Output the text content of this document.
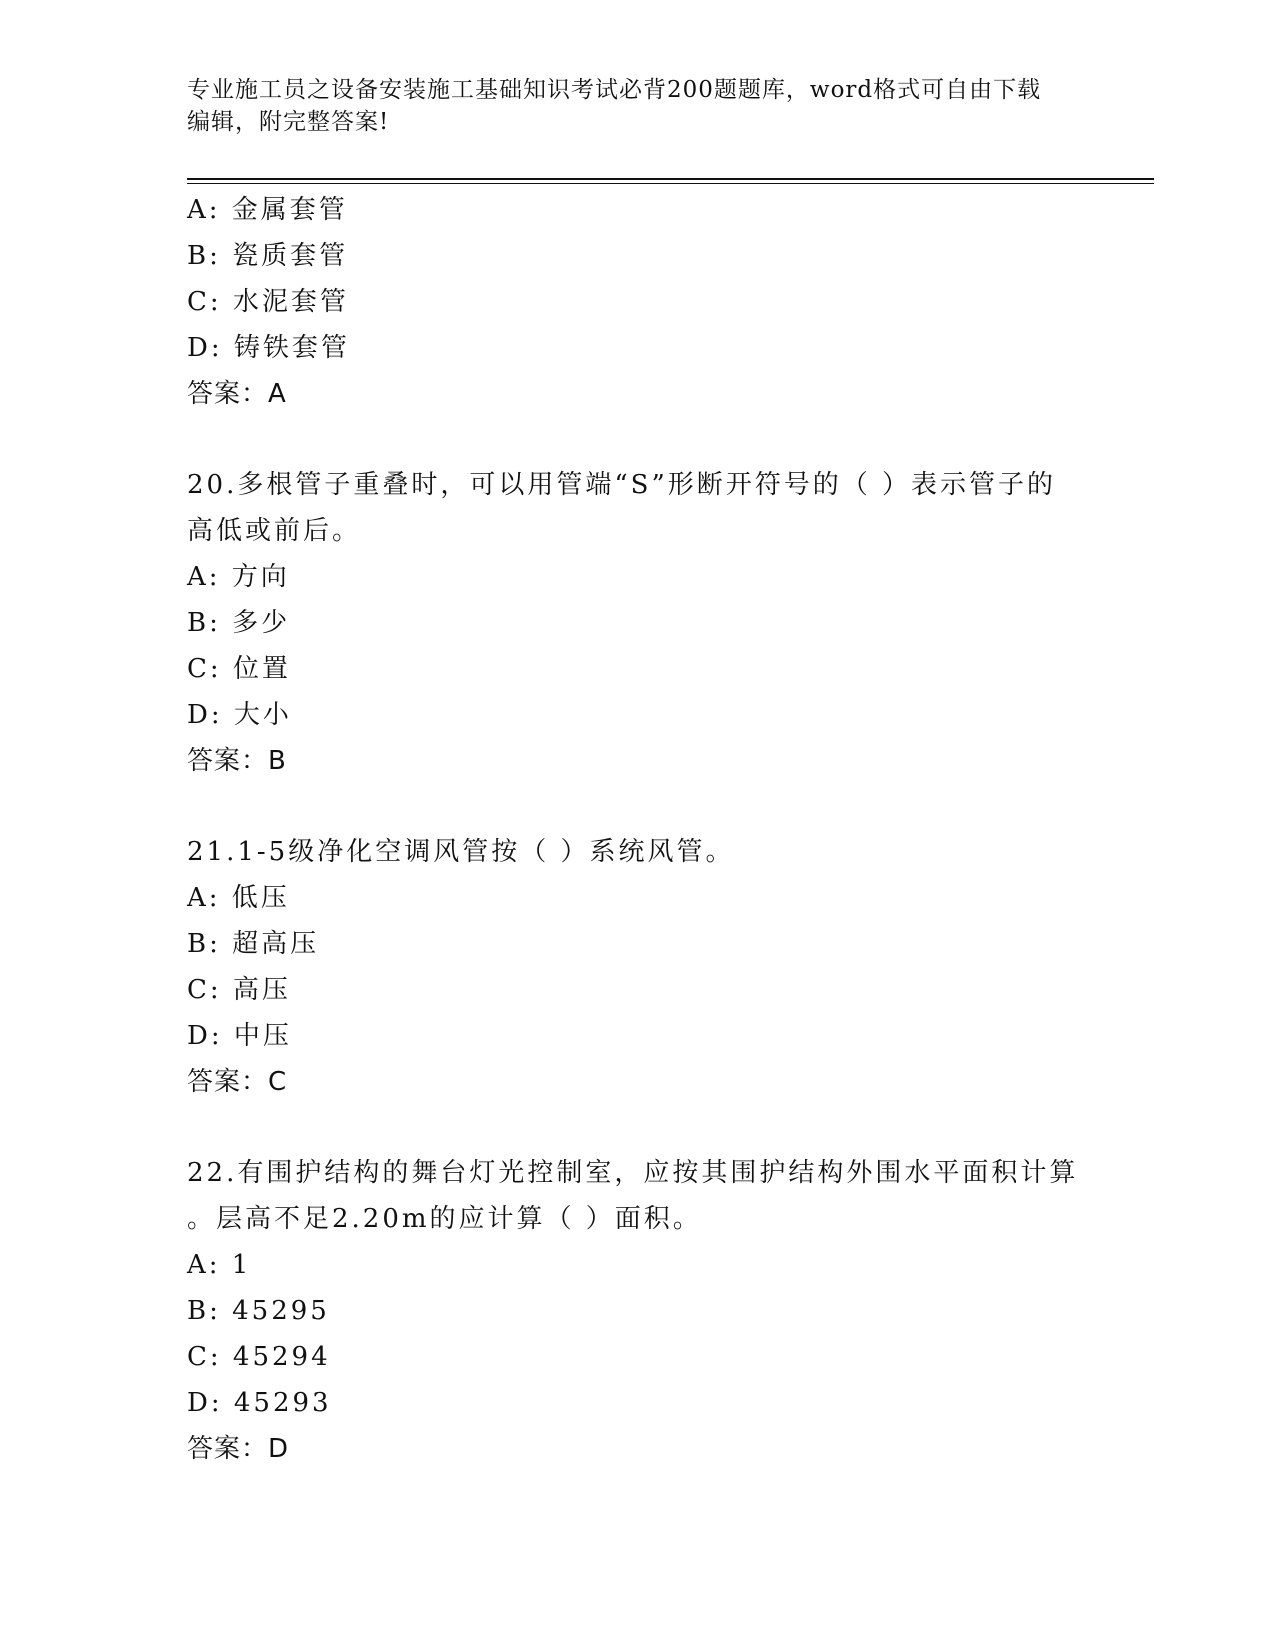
专业施工员之设备安装施工基础知识考试必背200题题库，word格式可自由下载
编辑，附完整答案!
A: 金属套管
B: 瓷质套管
C: 水泥套管
D: 铸铁套管
答案：A
20.多根管子重叠时，可以用管端“S”形断开符号的（ ）表示管子的
高低或前后。
A: 方向
B: 多少
C: 位置
D: 大小
答案：B
21.1-5级净化空调风管按（ ）系统风管。
A: 低压
B: 超高压
C: 高压
D: 中压
答案：C
22.有围护结构的舞台灯光控制室，应按其围护结构外围水平面积计算
。层高不足2.20m的应计算（ ）面积。
A: 1
B: 45295
C: 45294
D: 45293
答案：D
